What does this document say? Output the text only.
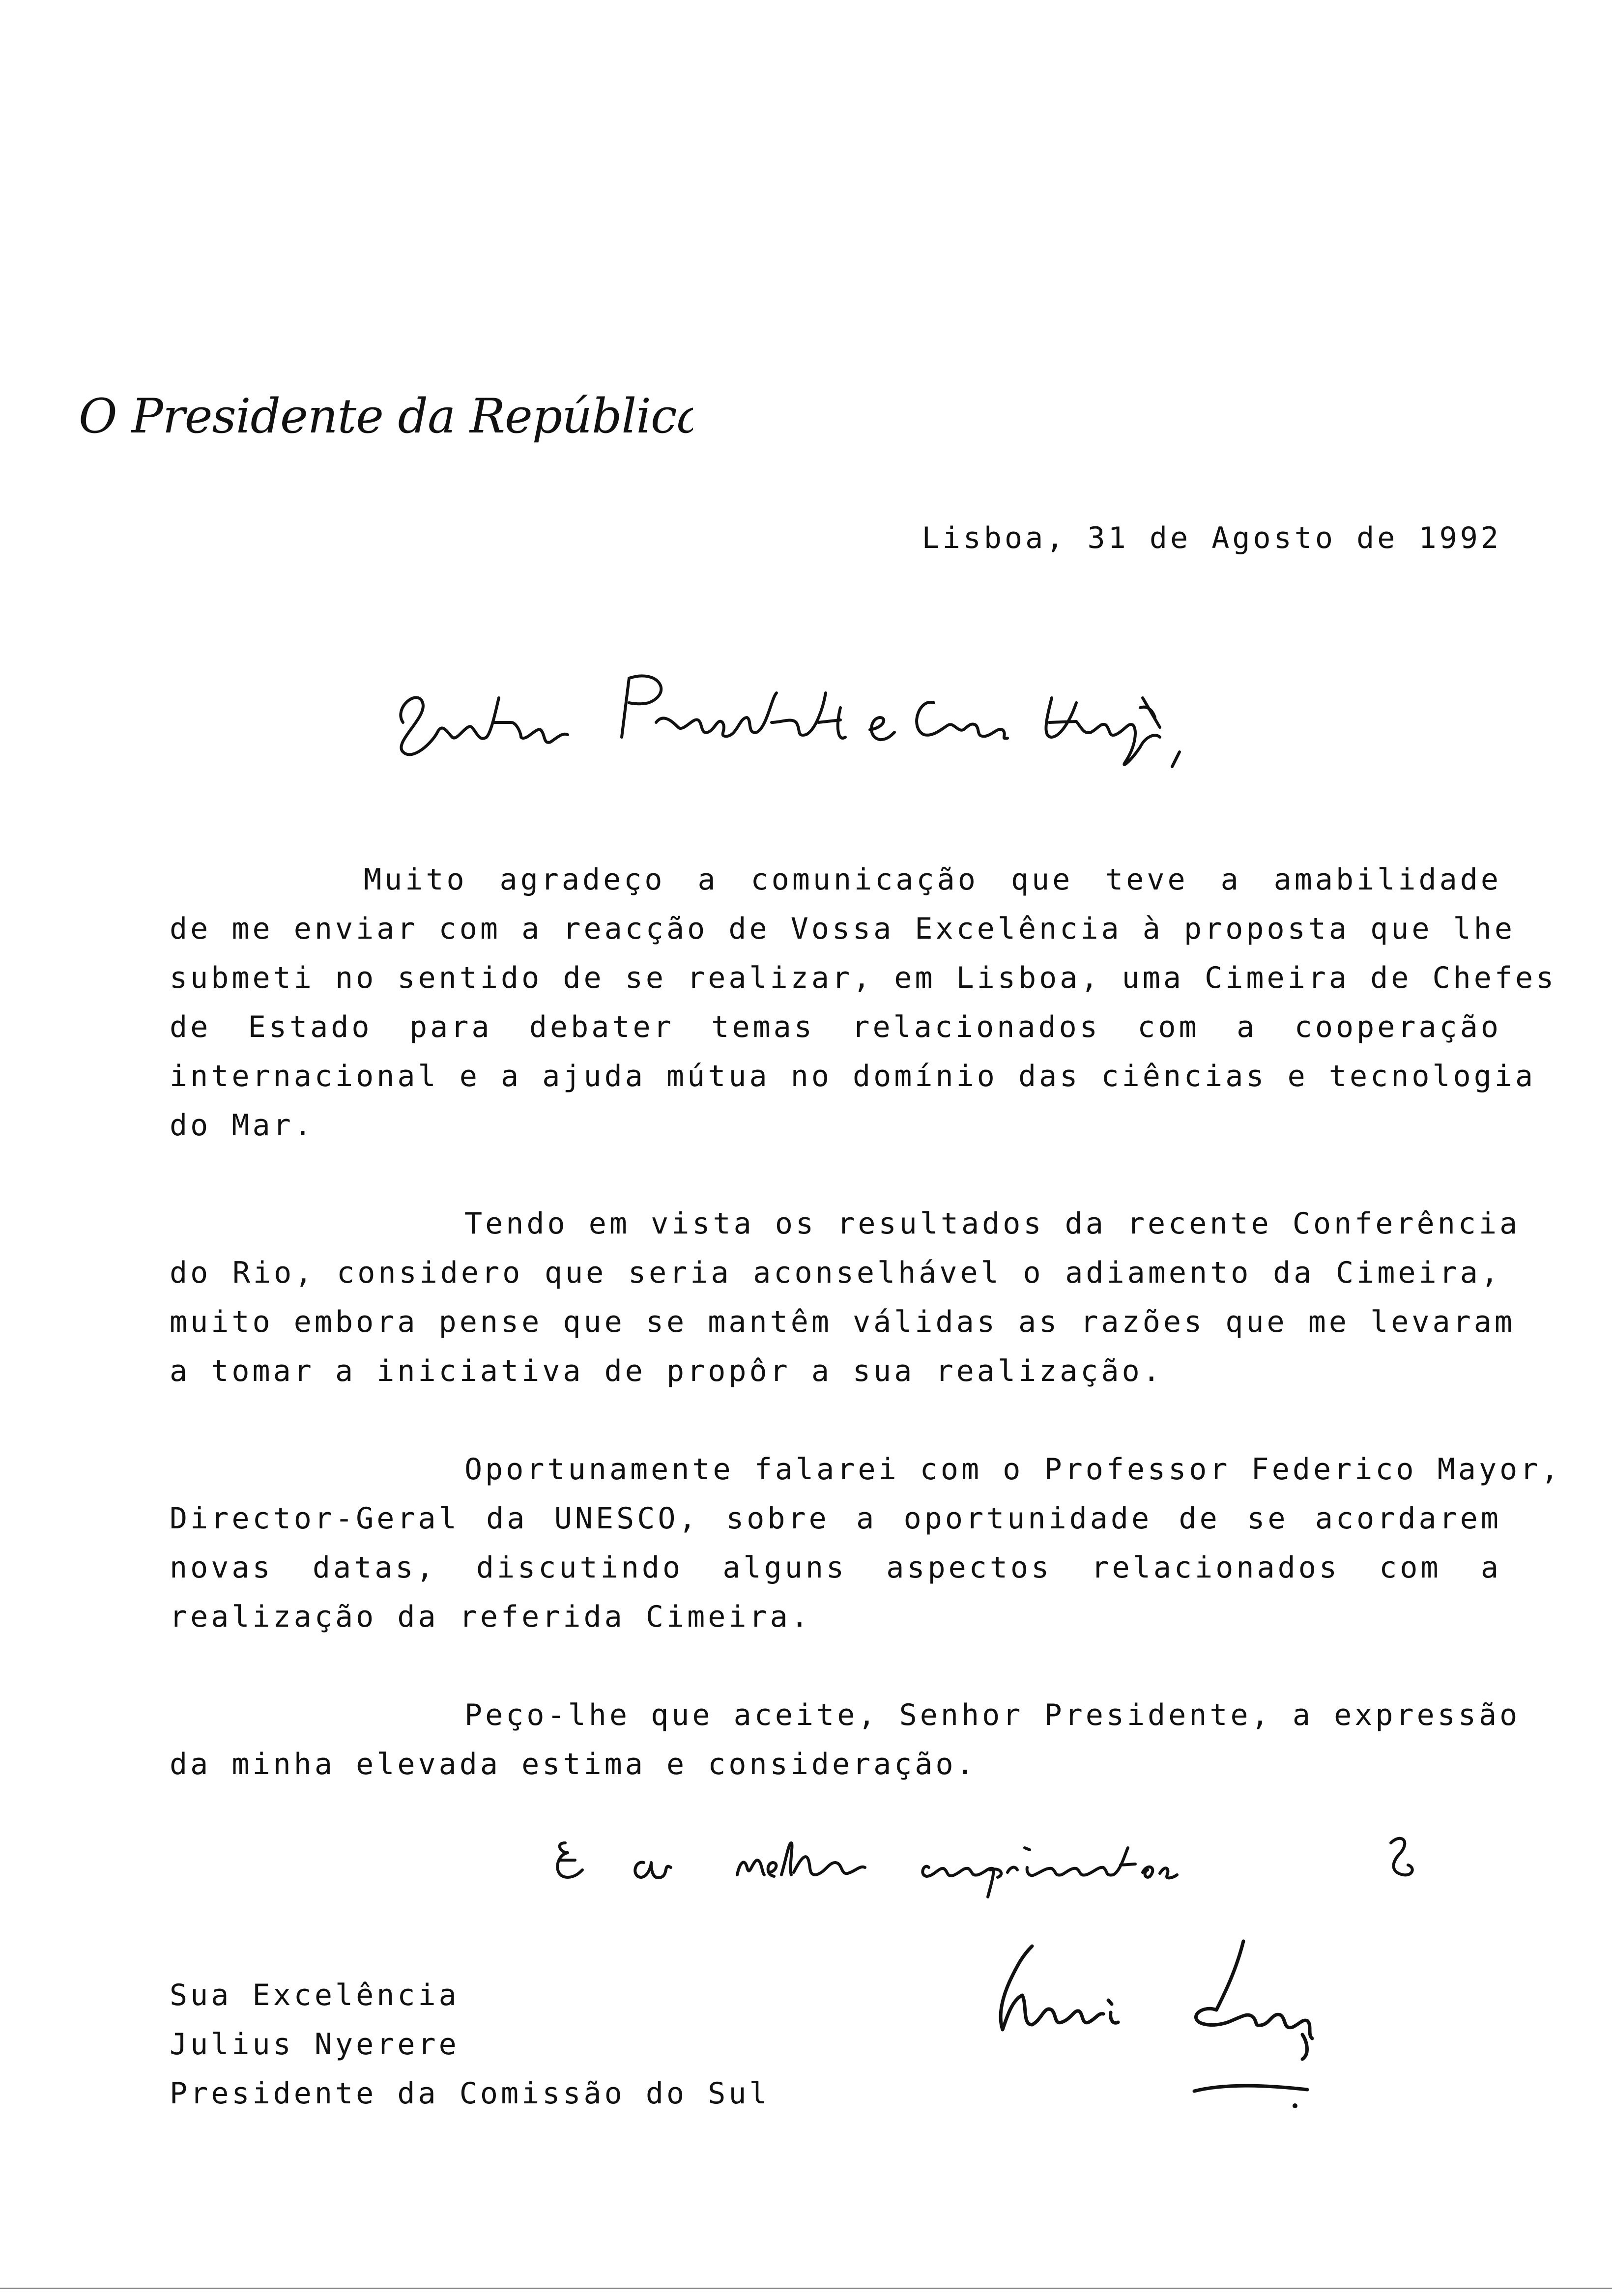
O Presidente da República
Lisboa, 31 de Agosto de 1992
Senhor Presidente e Caro Amigo,
Muito agradeço a comunicação que teve a amabilidade
de me enviar com a reacção de Vossa Excelência à proposta que lhe
submeti no sentido de se realizar, em Lisboa, uma Cimeira de Chefes
de Estado para debater temas relacionados com a cooperação
internacional e a ajuda mútua no domínio das ciências e tecnologia
do Mar.
Tendo em vista os resultados da recente Conferência
do Rio, considero que seria aconselhável o adiamento da Cimeira,
muito embora pense que se mantêm válidas as razões que me levaram
a tomar a iniciativa de propôr a sua realização.
Oportunamente falarei com o Professor Federico Mayor,
Director-Geral da UNESCO, sobre a oportunidade de se acordarem
novas datas, discutindo alguns aspectos relacionados com a
realização da referida Cimeira.
Peço-lhe que aceite, Senhor Presidente, a expressão
da minha elevada estima e consideração.
E as melhores cumprimentos e
Mário Soares
Sua Excelência
Julius Nyerere
Presidente da Comissão do Sul
